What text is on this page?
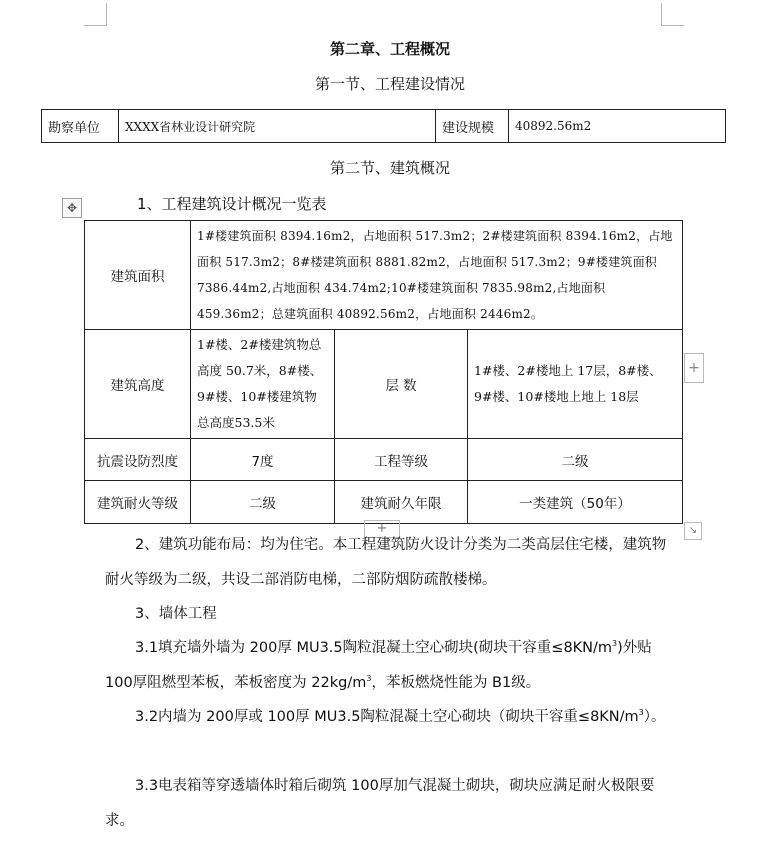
第二章、工程概况
第一节、工程建设情况
勘察单位	XXXX省林业设计研究院	建设规模	40892.56m2
第二节、建筑概况
✥	1、工程建筑设计概况一览表
建筑面积	1#楼建筑面积 8394.16m2，占地面积 517.3m2；2#楼建筑面积 8394.16m2，占地面积 517.3m2；8#楼建筑面积 8881.82m2，占地面积 517.3m2；9#楼建筑面积 7386.44m2,占地面积 434.74m2;10#楼建筑面积 7835.98m2,占地面积 459.36m2；总建筑面积 40892.56m2，占地面积 2446m2。		
建筑高度	1#楼、2#楼建筑物总高度 50.7米，8#楼、9#楼、10#楼建筑物总高度53.5米	层 数	1#楼、2#楼地上 17层，8#楼、9#楼、10#楼地上地上 18层
抗震设防烈度	7度	工程等级	二级
建筑耐火等级	二级	建筑耐久年限	一类建筑（50年）
+
+	↘
2、建筑功能布局：均为住宅。本工程建筑防火设计分类为二类高层住宅楼，建筑物耐火等级为二级，共设二部消防电梯，二部防烟防疏散楼梯。
3、墙体工程
3.1填充墙外墙为 200厚 MU3.5陶粒混凝土空心砌块(砌块干容重$\le 8KN/m^3$)外贴 100厚阻燃型苯板，苯板密度为 $22kg/m^3$，苯板燃烧性能为 B1级。
3.2内墙为 200厚或 100厚 MU3.5陶粒混凝土空心砌块（砌块干容重$\le 8KN/m^3$）。
3.3电表箱等穿透墙体时箱后砌筑 100厚加气混凝土砌块，砌块应满足耐火极限要求。
